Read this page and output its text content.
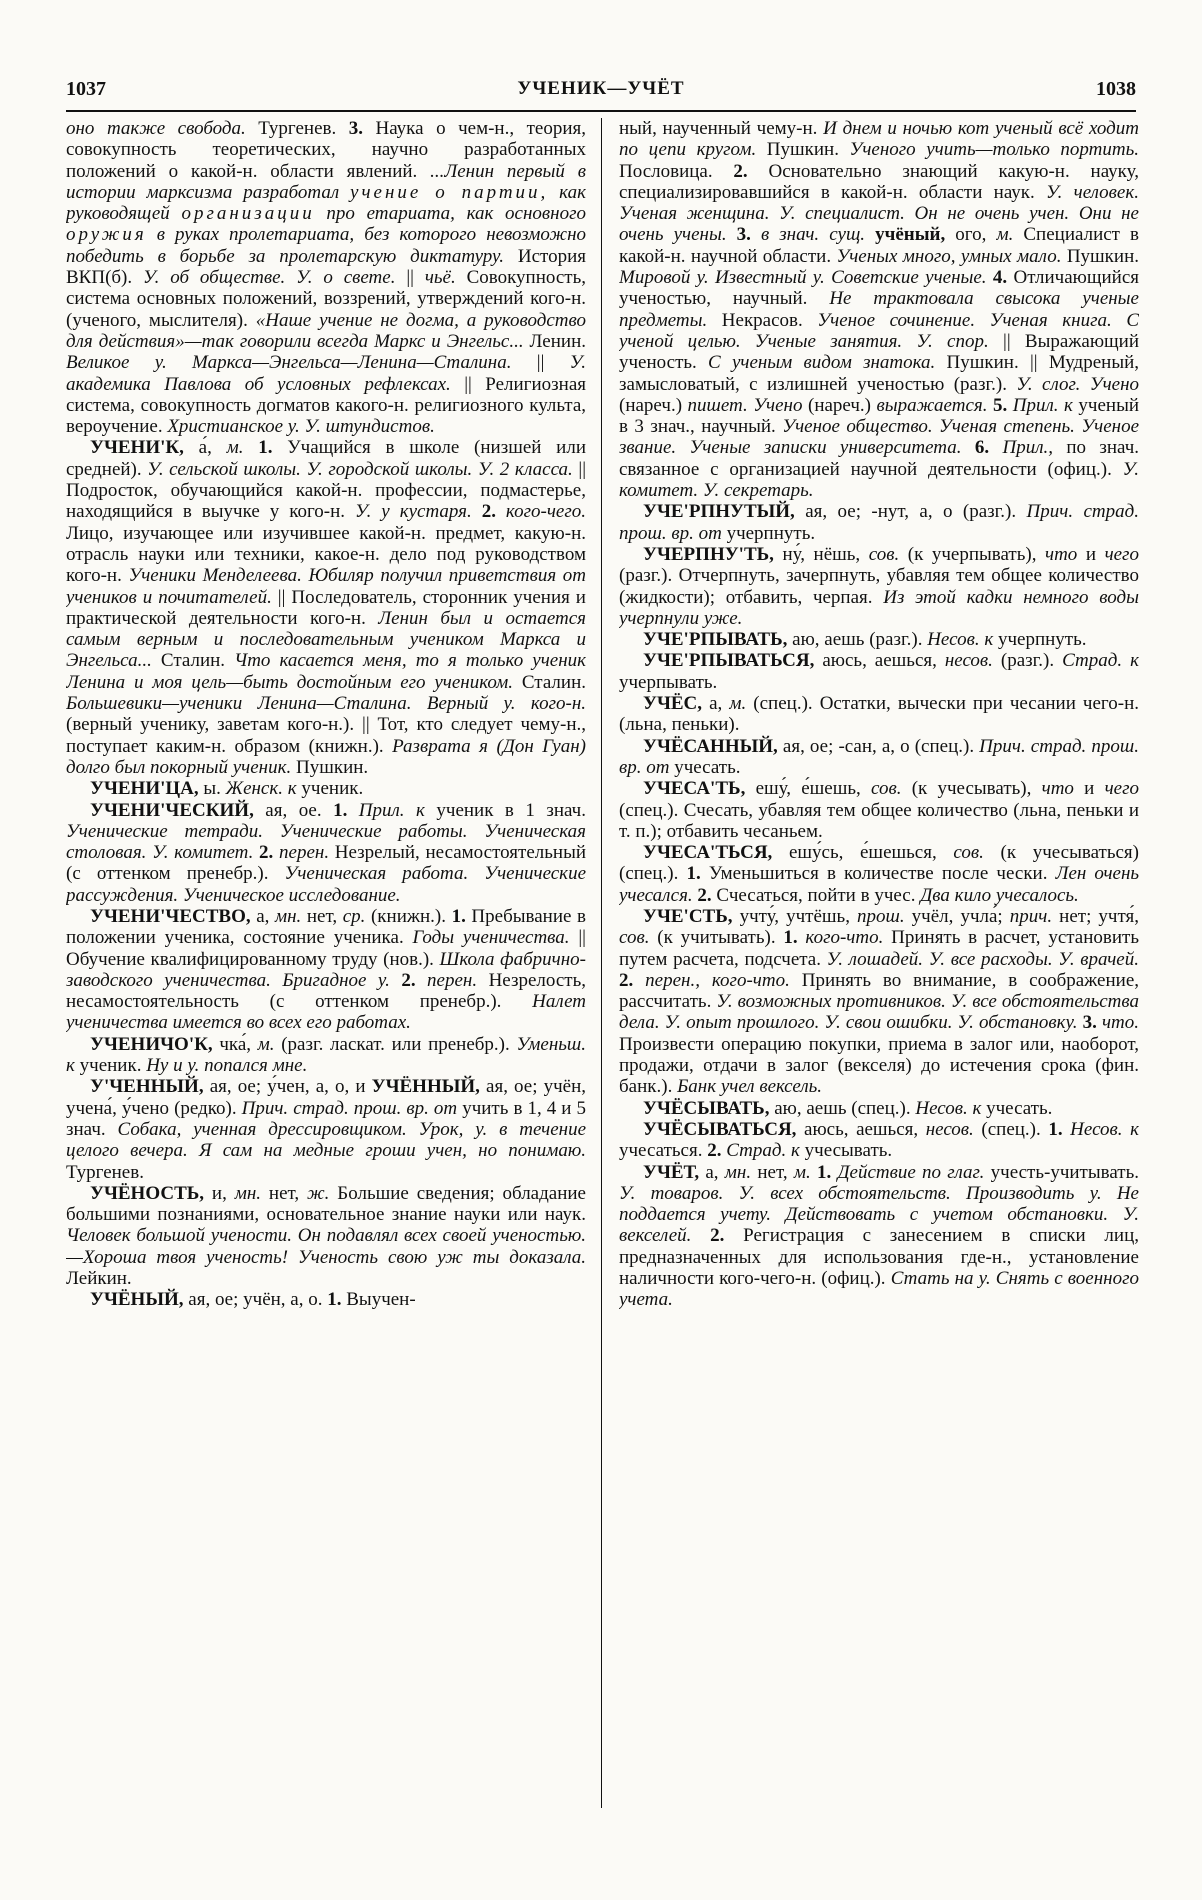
1037	УЧЕНИК—УЧЁТ	1038

оно также свобода. Тургенев. 3. Наука о чем-н., теория, совокупность теоретических, научно разработанных положений о какой-н. области явлений. ...Ленин первый в истории марксизма разработал учение о партии, как руководящей организации про етариата, как основного оружия в руках пролетариата, без которого невозможно победить в борьбе за пролетарскую диктатуру. История ВКП(б). У. об обществе. У. о свете. || чьё. Совокупность, система основных положений, воззрений, утверждений кого-н. (ученого, мыслителя). «Наше учение не догма, а руководство для действия»—так говорили всегда Маркс и Энгельс... Ленин. Великое у. Маркса—Энгельса—Ленина—Сталина. || У. академика Павлова об условных рефлексах. || Религиозная система, совокупность догматов какого-н. религиозного культа, вероучение. Христианское у. У. штундистов.

УЧЕНИ'К, а́, м. 1. Учащийся в школе (низшей или средней). У. сельской школы. У. городской школы. У. 2 класса. || Подросток, обучающийся какой-н. профессии, подмастерье, находящийся в выучке у кого-н. У. у кустаря. 2. кого-чего. Лицо, изучающее или изучившее какой-н. предмет, какую-н. отрасль науки или техники, какое-н. дело под руководством кого-н. Ученики Менделеева. Юбиляр получил приветствия от учеников и почитателей. || Последователь, сторонник учения и практической деятельности кого-н. Ленин был и остается самым верным и последовательным учеником Маркса и Энгельса... Сталин. Что касается меня, то я только ученик Ленина и моя цель—быть достойным его учеником. Сталин. Большевики—ученики Ленина—Сталина. Верный у. кого-н. (верный ученику, заветам кого-н.). || Тот, кто следует чему-н., поступает каким-н. образом (книжн.). Разврата я (Дон Гуан) долго был покорный ученик. Пушкин.

УЧЕНИ'ЦА, ы. Женск. к ученик.

УЧЕНИ'ЧЕСКИЙ, ая, ое. 1. Прил. к ученик в 1 знач. Ученические тетради. Ученические работы. Ученическая столовая. У. комитет. 2. перен. Незрелый, несамостоятельный (с оттенком пренебр.). Ученическая работа. Ученические рассуждения. Ученическое исследование.

УЧЕНИ'ЧЕСТВО, а, мн. нет, ср. (книжн.). 1. Пребывание в положении ученика, состояние ученика. Годы ученичества. || Обучение квалифицированному труду (нов.). Школа фабрично-заводского ученичества. Бригадное у. 2. перен. Незрелость, несамостоятельность (с оттенком пренебр.). Налет ученичества имеется во всех его работах.

УЧЕНИЧО'К, чка́, м. (разг. ласкат. или пренебр.). Уменьш. к ученик. Ну и у. попался мне.

У'ЧЕННЫЙ, ая, ое; у́чен, а, о, и УЧЁННЫЙ, ая, ое; учён, учена́, у́чено (редко). Прич. страд. прош. вр. от учить в 1, 4 и 5 знач. Собака, ученная дрессировщиком. Урок, у. в течение целого вечера. Я сам на медные гроши учен, но понимаю. Тургенев.

УЧЁНОСТЬ, и, мн. нет, ж. Большие сведения; обладание большими познаниями, основательное знание науки или наук. Человек большой учености. Он подавлял всех своей ученостью.—Хороша твоя ученость! Ученость свою уж ты доказала. Лейкин.

УЧЁНЫЙ, ая, ое; учён, а, о. 1. Выучен-

ный, наученный чему-н. И днем и ночью кот ученый всё ходит по цепи кругом. Пушкин. Ученого учить—только портить. Пословица. 2. Основательно знающий какую-н. науку, специализировавшийся в какой-н. области наук. У. человек. Ученая женщина. У. специалист. Он не очень учен. Они не очень учены. 3. в знач. сущ. учёный, ого, м. Специалист в какой-н. научной области. Ученых много, умных мало. Пушкин. Мировой у. Известный у. Советские ученые. 4. Отличающийся ученостью, научный. Не трактовала свысока ученые предметы. Некрасов. Ученое сочинение. Ученая книга. С ученой целью. Ученые занятия. У. спор. || Выражающий ученость. С ученым видом знатока. Пушкин. || Мудреный, замысловатый, с излишней ученостью (разг.). У. слог. Учено (нареч.) пишет. Учено (нареч.) выражается. 5. Прил. к ученый в 3 знач., научный. Ученое общество. Ученая степень. Ученое звание. Ученые записки университета. 6. Прил., по знач. связанное с организацией научной деятельности (офиц.). У. комитет. У. секретарь.

УЧЕ'РПНУТЫЙ, ая, ое; -нут, а, о (разг.). Прич. страд. прош. вр. от учерпнуть.

УЧЕРПНУ'ТЬ, ну́, нёшь, сов. (к учерпывать), что и чего (разг.). Отчерпнуть, зачерпнуть, убавляя тем общее количество (жидкости); отбавить, черпая. Из этой кадки немного воды учерпнули уже.

УЧЕ'РПЫВАТЬ, аю, аешь (разг.). Несов. к учерпнуть.

УЧЕ'РПЫВАТЬСЯ, аюсь, аешься, несов. (разг.). Страд. к учерпывать.

УЧЁС, а, м. (спец.). Остатки, вычески при чесании чего-н. (льна, пеньки).

УЧЁСАННЫЙ, ая, ое; -сан, а, о (спец.). Прич. страд. прош. вр. от учесать.

УЧЕСА'ТЬ, ешу́, е́шешь, сов. (к учесывать), что и чего (спец.). Счесать, убавляя тем общее количество (льна, пеньки и т. п.); отбавить чесаньем.

УЧЕСА'ТЬСЯ, ешу́сь, е́шешься, сов. (к учесываться) (спец.). 1. Уменьшиться в количестве после чески. Лен очень учесался. 2. Счесаться, пойти в учес. Два кило учесалось.

УЧЕ'СТЬ, учту́, учтёшь, прош. учёл, учла́; прич. нет; учтя́, сов. (к учитывать). 1. кого-что. Принять в расчет, установить путем расчета, подсчета. У. лошадей. У. все расходы. У. врачей. 2. перен., кого-что. Принять во внимание, в соображение, рассчитать. У. возможных противников. У. все обстоятельства дела. У. опыт прошлого. У. свои ошибки. У. обстановку. 3. что. Произвести операцию покупки, приема в залог или, наоборот, продажи, отдачи в залог (векселя) до истечения срока (фин. банк.). Банк учел вексель.

УЧЁСЫВАТЬ, аю, аешь (спец.). Несов. к учесать.

УЧЁСЫВАТЬСЯ, аюсь, аешься, несов. (спец.). 1. Несов. к учесаться. 2. Страд. к учесывать.

УЧЁТ, а, мн. нет, м. 1. Действие по глаг. учесть-учитывать. У. товаров. У. всех обстоятельств. Производить у. Не поддается учету. Действовать с учетом обстановки. У. векселей. 2. Регистрация с занесением в списки лиц, предназначенных для использования где-н., установление наличности кого-чего-н. (офиц.). Стать на у. Снять с военного учета.
